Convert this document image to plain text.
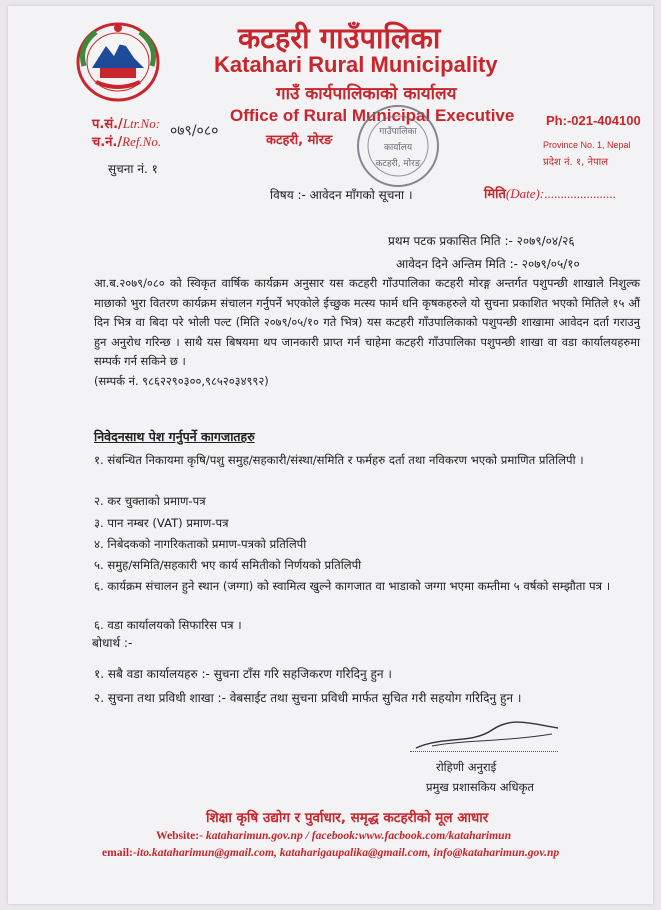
कटहरी गाउँपालिका
Katahari Rural Municipality
गाउँ कार्यपालिकाको कार्यालय
Office of Rural Municipal Executive
कटहरी, मोरङ
Ph:-021-404100
Province No. 1, Nepal
प्रदेश नं. १, नेपाल
प.सं./Ltr.No: ०७९/०८०
च.नं./Ref.No.
सुचना नं. १
विषय :- आवेदन माँगको सूचना ।	मिति(Date):......................
गाउँपालिका
कार्यालय
कटहरी, मोरङ
प्रथम पटक प्रकासित मिति :- २०७९/०४/२६
आवेदन दिने अन्तिम मिति :- २०७९/०५/१०
आ.ब.२०७९/०८० को स्विकृत वार्षिक कार्यक्रम अनुसार यस कटहरी गाँउपालिका कटहरी मोरङ्ग अन्तर्गत पशुपन्छी शाखाले निशुल्क माछाको भुरा वितरण कार्यक्रम संचालन गर्नुपर्ने भएकोले ईच्छुक मत्स्य फार्म धनि कृषकहरुले यो सुचना प्रकाशित भएको मितिले १५ औं दिन भित्र वा बिदा परे भोली पल्ट (मिति २०७९/०५/१० गते भित्र) यस कटहरी गाँउपालिकाको पशुपन्छी शाखामा आवेदन दर्ता गराउनु हुन अनुरोध गरिन्छ । साथै यस बिषयमा थप जानकारी प्राप्त गर्न चाहेमा कटहरी गाँउपालिका पशुपन्छी शाखा वा वडा कार्यालयहरुमा सम्पर्क गर्न सकिने छ ।
(सम्पर्क नं. ९८६२२९०३००,९८५२०३४९९२)
निवेदनसाथ पेश गर्नुपर्ने कागजातहरु
१. संबन्धित निकायमा कृषि/पशु समुह/सहकारी/संस्था/समिति र फर्महरु दर्ता तथा नविकरण भएको प्रमाणित प्रतिलिपी ।
२. कर चुक्ताको प्रमाण-पत्र
३. पान नम्बर (VAT) प्रमाण-पत्र
४. निबेदकको नागरिकताको प्रमाण-पत्रको प्रतिलिपी
५. समुह/समिति/सहकारी भए कार्य समितीको निर्णयको प्रतिलिपी
६. कार्यक्रम संचालन हुने स्थान (जग्गा) को स्वामित्व खुल्ने कागजात वा भाडाको जग्गा भएमा कम्तीमा ५ वर्षको सम्झौता पत्र ।
६. वडा कार्यालयको सिफारिस पत्र ।
बोधार्थ :-
१. सबै वडा कार्यालयहरु :- सुचना टाँस गरि सहजिकरण गरिदिनु हुन ।
२. सुचना तथा प्रविधी शाखा :- वेबसाईट तथा सुचना प्रविधी मार्फत सुचित गरी सहयोग गरिदिनु हुन ।
रोहिणी अनुराई
प्रमुख प्रशासकिय अधिकृत
शिक्षा कृषि उद्योग र पुर्वाधार, समृद्ध कटहरीको मूल आधार
Website:- kataharimun.gov.np / facebook:www.facbook.com/kataharimun
email:-ito.kataharimun@gmail.com, kataharigaupalika@gmail.com, info@kataharimun.gov.np
